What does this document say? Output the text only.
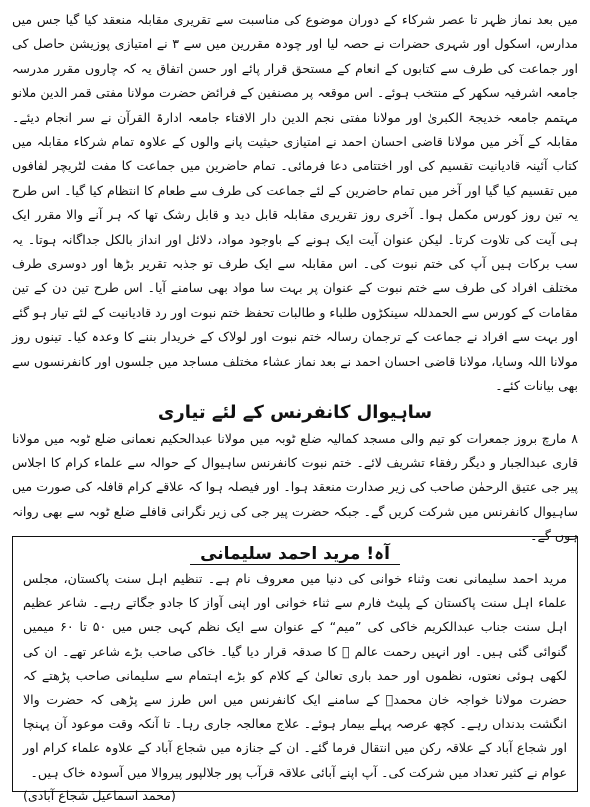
میں بعد نماز ظہر تا عصر شرکاء کے دوران موضوع کی مناسبت سے تقریری مقابلہ منعقد کیا گیا جس میں مدارس، اسکول اور شہری حضرات نے حصہ لیا اور چودہ مقررین میں سے ۳ نے امتیازی پوزیشن حاصل کی اور جماعت کی طرف سے کتابوں کے انعام کے مستحق قرار پائے اور حسن اتفاق یہ کہ چاروں مقرر مدرسہ جامعہ اشرفیہ سکھر کے منتخب ہوئے۔ اس موقعہ پر مصنفین کے فرائض حضرت مولانا مفتی قمر الدین ملانو مہتمم جامعہ خدیجۃ الکبریٰ اور مولانا مفتی نجم الدین دار الافتاء جامعہ ادارۃ القرآن نے سر انجام دیئے۔ مقابلہ کے آخر میں مولانا قاضی احسان احمد نے امتیازی حیثیت پانے والوں کے علاوہ تمام شرکاء مقابلہ میں کتاب آئینہ قادیانیت تقسیم کی اور اختتامی دعا فرمائی۔ تمام حاضرین میں جماعت کا مفت لٹریچر لفافوں میں تقسیم کیا گیا اور آخر میں تمام حاضرین کے لئے جماعت کی طرف سے طعام کا انتظام کیا گیا۔ اس طرح یہ تین روز کورس مکمل ہوا۔ آخری روز تقریری مقابلہ قابل دید و قابل رشک تھا کہ ہر آنے والا مقرر ایک ہی آیت کی تلاوت کرتا۔ لیکن عنوان آیت ایک ہونے کے باوجود مواد، دلائل اور انداز بالکل جداگانہ ہوتا۔ یہ سب برکات ہیں آپ کی ختم نبوت کی۔ اس مقابلہ سے ایک طرف تو جذبہ تقریر بڑھا اور دوسری طرف مختلف افراد کی طرف سے ختم نبوت کے عنوان پر بہت سا مواد بھی سامنے آیا۔ اس طرح تین دن کے تین مقامات کے کورس سے الحمدللہ سینکڑوں طلباء و طالبات تحفظ ختم نبوت اور رد قادیانیت کے لئے تیار ہو گئے اور بہت سے افراد نے جماعت کے ترجمان رسالہ ختم نبوت اور لولاک کے خریدار بننے کا وعدہ کیا۔ تینوں روز مولانا اللہ وسایا، مولانا قاضی احسان احمد نے بعد نماز عشاء مختلف مساجد میں جلسوں اور کانفرنسوں سے بھی بیانات کئے۔

ساہیوال کانفرنس کے لئے تیاری

۸ مارچ بروز جمعرات کو تیم والی مسجد کمالیہ ضلع ٹوبہ میں مولانا عبدالحکیم نعمانی ضلع ٹوبہ میں مولانا قاری عبدالجبار و دیگر رفقاء تشریف لائے۔ ختم نبوت کانفرنس ساہیوال کے حوالہ سے علماء کرام کا اجلاس پیر جی عتیق الرحمٰن صاحب کی زیر صدارت منعقد ہوا۔ اور فیصلہ ہوا کہ علاقے کرام قافلہ کی صورت میں ساہیوال کانفرنس میں شرکت کریں گے۔ جبکہ حضرت پیر جی کی زیر نگرانی قافلے ضلع ٹوبہ سے بھی روانہ ہوں گے۔

آہ! مرید احمد سلیمانی

مرید احمد سلیمانی نعت وثناء خوانی کی دنیا میں معروف نام ہے۔ تنظیم اہل سنت پاکستان، مجلس علماء اہل سنت پاکستان کے پلیٹ فارم سے ثناء خوانی اور اپنی آواز کا جادو جگاتے رہے۔ شاعر عظیم اہل سنت جناب عبدالکریم خاکی کی ”میم“ کے عنوان سے ایک نظم کہی جس میں ۵۰ تا ۶۰ میمیں گنوائی گئی ہیں۔ اور انہیں رحمت عالم ﷺ کا صدقہ قرار دیا گیا۔ خاکی صاحب بڑے شاعر تھے۔ ان کی لکھی ہوئی نعتوں، نظموں اور حمد باری تعالیٰ کے کلام کو بڑے اہتمام سے سلیمانی صاحب پڑھتے کہ حضرت مولانا خواجہ خان محمدؒ کے سامنے ایک کانفرنس میں اس طرز سے پڑھی کہ حضرت والا انگشت بدنداں رہے۔ کچھ عرصہ پہلے بیمار ہوئے۔ علاج معالجہ جاری رہا۔ تا آنکہ وقت موعود آن پہنچا اور شجاع آباد کے علاقہ رکن میں انتقال فرما گئے۔ ان کے جنازہ میں شجاع آباد کے علاوہ علماء کرام اور عوام نے کثیر تعداد میں شرکت کی۔ آپ اپنے آبائی علاقہ قرآب پور جلالپور پیروالا میں آسودہ خاک ہیں۔

(محمد اسماعیل شجاع آبادی)
